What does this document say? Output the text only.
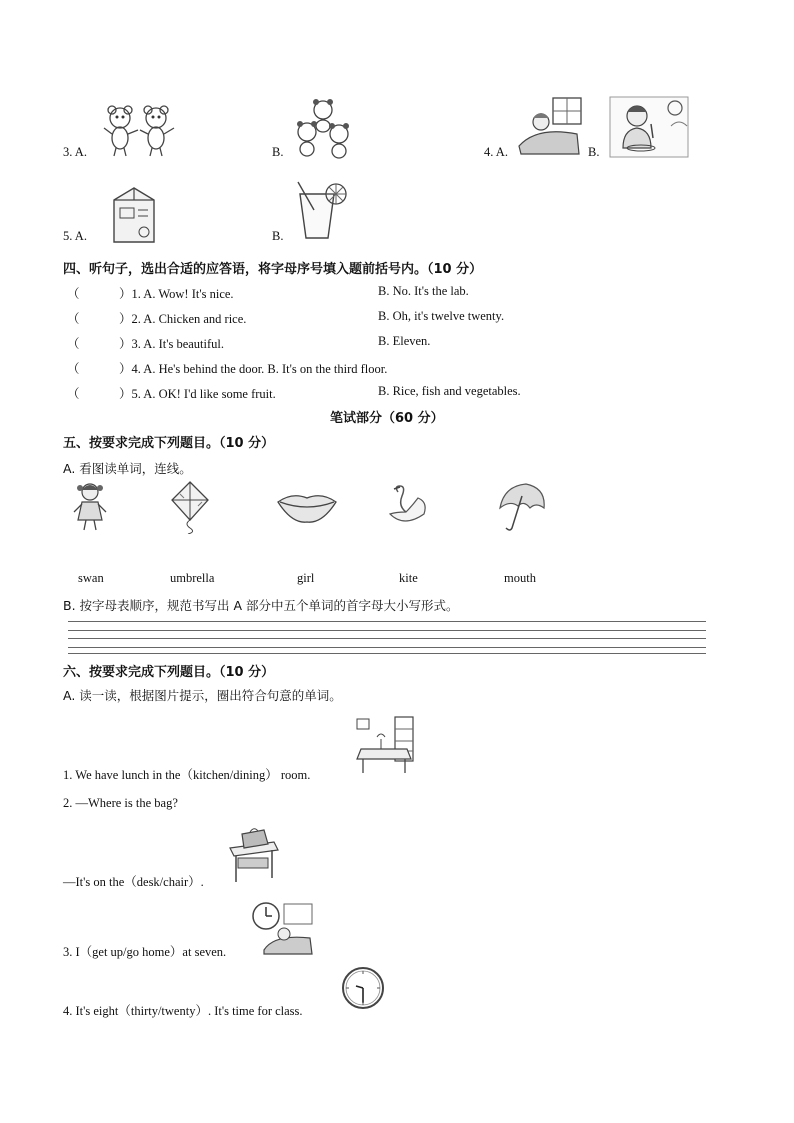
3. A.	B.	4. A.	B.
5. A.	B.
四、听句子，选出合适的应答语，将字母序号填入题前括号内。（10 分）
（	）1. A. Wow! It's nice.	B. No. It's the lab.
（	）2. A. Chicken and rice.	B. Oh, it's twelve twenty.
（	）3. A. It's beautiful.	B. Eleven.
（	）4. A. He's behind the door. B. It's on the third floor.
（	）5. A. OK! I'd like some fruit.	B. Rice, fish and vegetables.
笔试部分（60 分）
五、按要求完成下列题目。（10 分）
A. 看图读单词，连线。
swan	umbrella	girl	kite	mouth
B. 按字母表顺序，规范书写出 A 部分中五个单词的首字母大小写形式。
六、按要求完成下列题目。（10 分）
A. 读一读，根据图片提示，圈出符合句意的单词。
1. We have lunch in the（kitchen/dining） room.
2. —Where is the bag?
—It's on the（desk/chair）.
3. I（get up/go home）at seven.
4. It's eight（thirty/twenty）. It's time for class.
